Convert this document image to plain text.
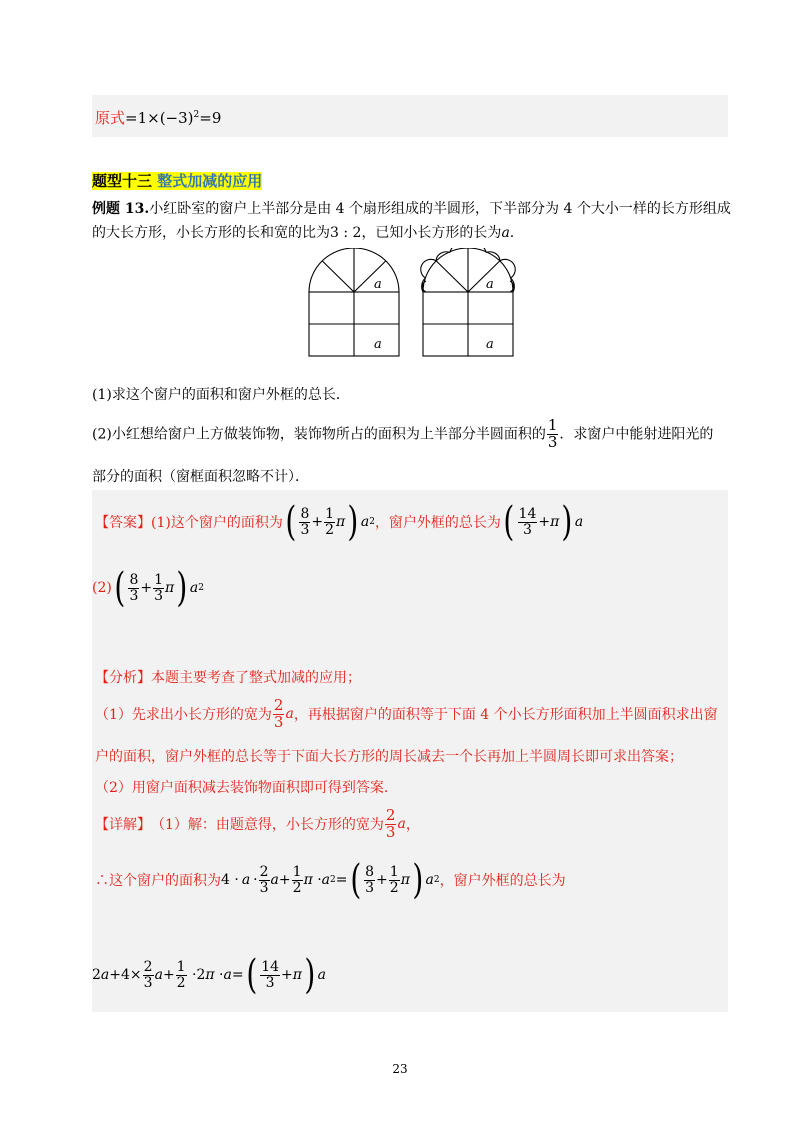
原式$=1\times(-3)^2=9$
题型十三 整式加减的应用
例题 13.小红卧室的窗户上半部分是由 4 个扇形组成的半圆形，下半部分为 4 个大小一样的长方形组成
的大长方形，小长方形的长和宽的比为3 : 2，已知小长方形的长为a.
a
a
a
a
(1)求这个窗户的面积和窗户外框的总长．
(2)小红想给窗户上方做装饰物，装饰物所占的面积为上半部分半圆面积的 $\frac{1}{3}$ ．求窗户中能射进阳光的
部分的面积（窗框面积忽略不计）．
【答案】 (1)这个窗户的面积为 ( $\frac{8}{3} + \frac{1}{2}$ π ) a 2 ，窗户外框的总长为 ( $\frac{14}{3} + \pi$ ) a
(2) ( $\frac{8}{3} + \frac{1}{3}$ π ) a 2
【分析】本题主要考查了整式加减的应用；
（1）先求出小长方形的宽为 $\frac{2}{3}$ a ，再根据窗户的面积等于下面 4 个小长方形面积加上半圆面积求出窗
户的面积，窗户外框的总长等于下面大长方形的周长减去一个长再加上半圆周长即可求出答案；
（2）用窗户面积减去装饰物面积即可得到答案．
【详解】 （1）解：由题意得，小长方形的宽为 $\frac{2}{3}$ a ，
∴这个窗户的面积为 $4 \cdot a \cdot \frac{2}{3}$ $a + \frac{1}{2}$ π · a 2 = ( $\frac{8}{3} + \frac{1}{2}$ π ) a 2 ，窗户外框的总长为
2 $a +4\times \frac{2}{3}$ $a + \frac{1}{2} \cdot 2$ π · a = ( $\frac{14}{3} + \pi$ ) a
23
